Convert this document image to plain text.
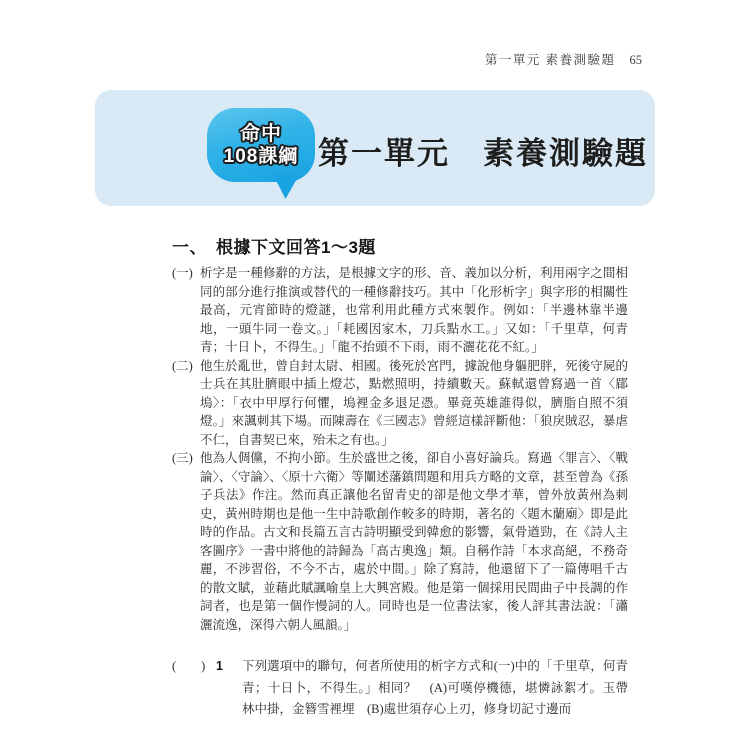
第一單元 素養測驗題 65
命中
108課綱 第一單元　素養測驗題
一、　根據下文回答1～3題
(一) 析字是一種修辭的方法，是根據文字的形、音、義加以分析，利用兩字之間相同的部分進行推演或替代的一種修辭技巧。其中「化形析字」與字形的相關性最高，元宵節時的燈謎，也常利用此種方式來製作。例如：「半邊林靠半邊地，一頭牛同一卷文。」「耗國因家木，刀兵點水工。」又如：「千里草，何青青；十日卜，不得生。」「龍不抬頭不下雨，雨不灑花花不紅。」

(二) 他生於亂世，曾自封太尉、相國。後死於宮門，據說他身軀肥胖，死後守屍的士兵在其肚臍眼中插上燈芯，點燃照明，持續數天。蘇軾還曾寫過一首〈郿塢〉：「衣中甲厚行何懼，塢裡金多退足憑。畢竟英雄誰得似，臍脂自照不須燈。」來諷刺其下場。而陳壽在《三國志》曾經這樣評斷他：「狼戾賊忍，暴虐不仁，自書契已來，殆未之有也。」

(三) 他為人倜儻，不拘小節。生於盛世之後，卻自小喜好論兵。寫過〈罪言〉、〈戰論〉、〈守論〉、〈原十六衛〉等闡述藩鎮問題和用兵方略的文章，甚至曾為《孫子兵法》作注。然而真正讓他名留青史的卻是他文學才華，曾外放黃州為刺史，黃州時期也是他一生中詩歌創作較多的時期，著名的〈題木蘭廟〉即是此時的作品。古文和長篇五言古詩明顯受到韓愈的影響，氣骨遒勁，在《詩人主客圖序》一書中將他的詩歸為「高古奧逸」類。自稱作詩「本求高絕，不務奇麗，不涉習俗，不今不古，處於中間。」除了寫詩，他還留下了一篇傳唱千古的散文賦，並藉此賦諷喻皇上大興宮殿。他是第一個採用民間曲子中長調的作詞者，也是第一個作慢詞的人。同時也是一位書法家，後人評其書法說：「瀟灑流逸，深得六朝人風韻。」

(　　) 1	下列選項中的聯句，何者所使用的析字方式和(一)中的「千里草，何青青；十日卜，不得生。」相同？　(A)可嘆停機德，堪憐詠絮才。玉帶林中掛，金簪雪裡埋　(B)處世須存心上刃，修身切記寸邊而
